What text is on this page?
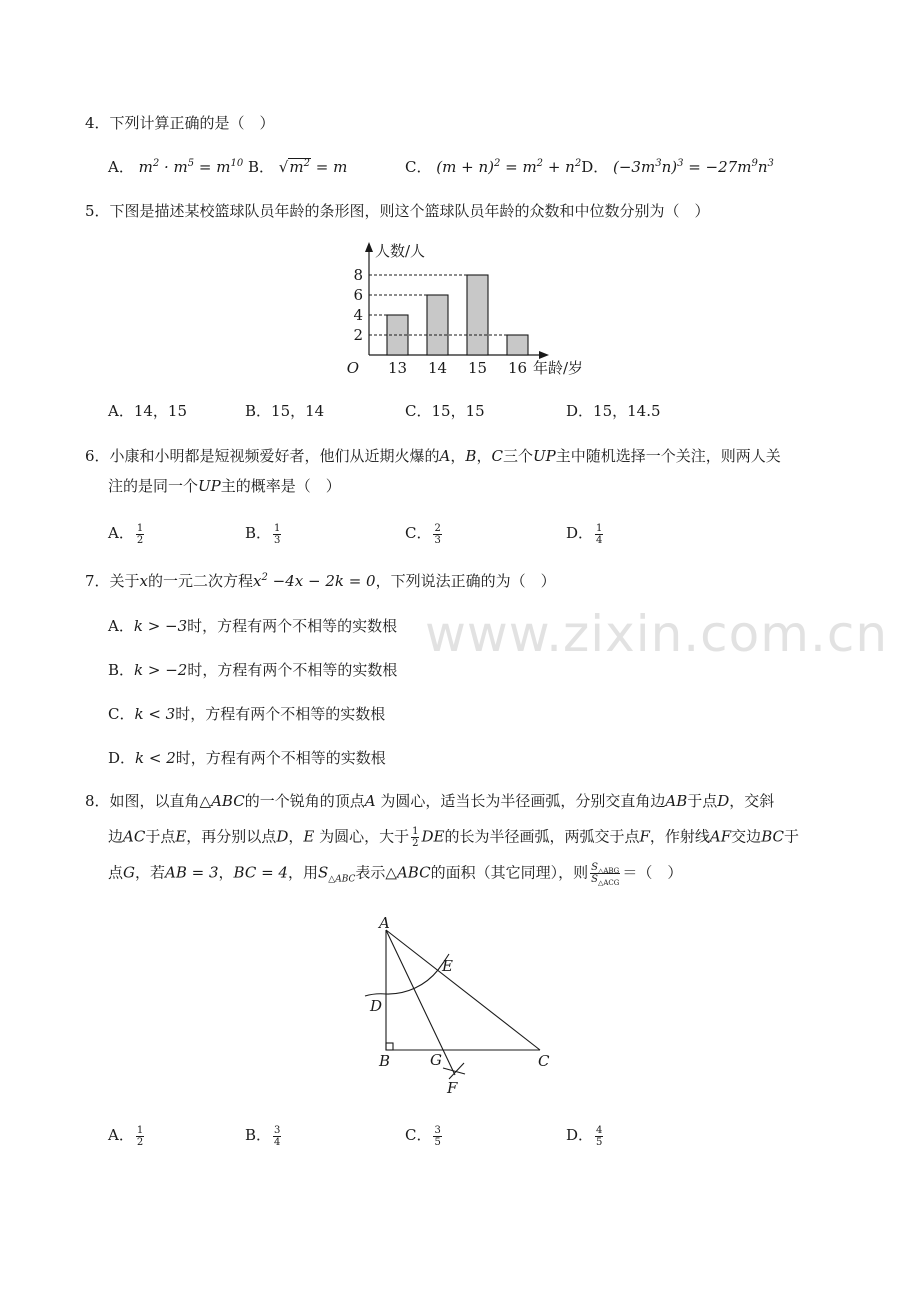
www.zixin.com.cn
4．下列计算正确的是（　）
A． $m^2 \cdot m^5 = m^{10}$ B． $√m^2 = m$	C． $(m + n)^2 = m^2 + n^2D$． $(-3m^3n)^3 = -27m^9n^3$
5．下图是描述某校篮球队员年龄的条形图，则这个篮球队员年龄的众数和中位数分别为（　）
13 14 15 16
2
4
6
8
O
人数/人
年龄/岁
A．14，15	B．15，14	C．15，15	D．15，14.5
6．小康和小明都是短视频爱好者，他们从近期火爆的A，B，C三个UP主中随机选择一个关注，则两人关
注的是同一个UP主的概率是（　）
A． $\frac{1}{2}$	B． $\frac{1}{3}$	C． $\frac{2}{3}$	D． $\frac{1}{4}$
7．关于x的一元二次方程$x^2 -4x - 2k = 0$，下列说法正确的为（　）
A．k > −3时，方程有两个不相等的实数根
B．k > −2时，方程有两个不相等的实数根
C．k < 3时，方程有两个不相等的实数根
D．k < 2时，方程有两个不相等的实数根
8．如图，以直角△ABC的一个锐角的顶点A 为圆心，适当长为半径画弧，分别交直角边AB于点D，交斜
边AC于点E，再分别以点D，E 为圆心，大于 $\frac{1}{2}$ DE的长为半径画弧，两弧交于点F，作射线AF交边BC于
点G，若AB = 3，BC = 4，用$S_{\triangle ABC}$表示△ABC的面积（其它同理），则 $\frac{S_{\triangle ABG}}{S_{\triangle ACG}}$ ＝（　）
A
B	C
D
E
F
G
A． $\frac{1}{2}$	B． $\frac{3}{4}$	C． $\frac{3}{5}$	D． $\frac{4}{5}$
